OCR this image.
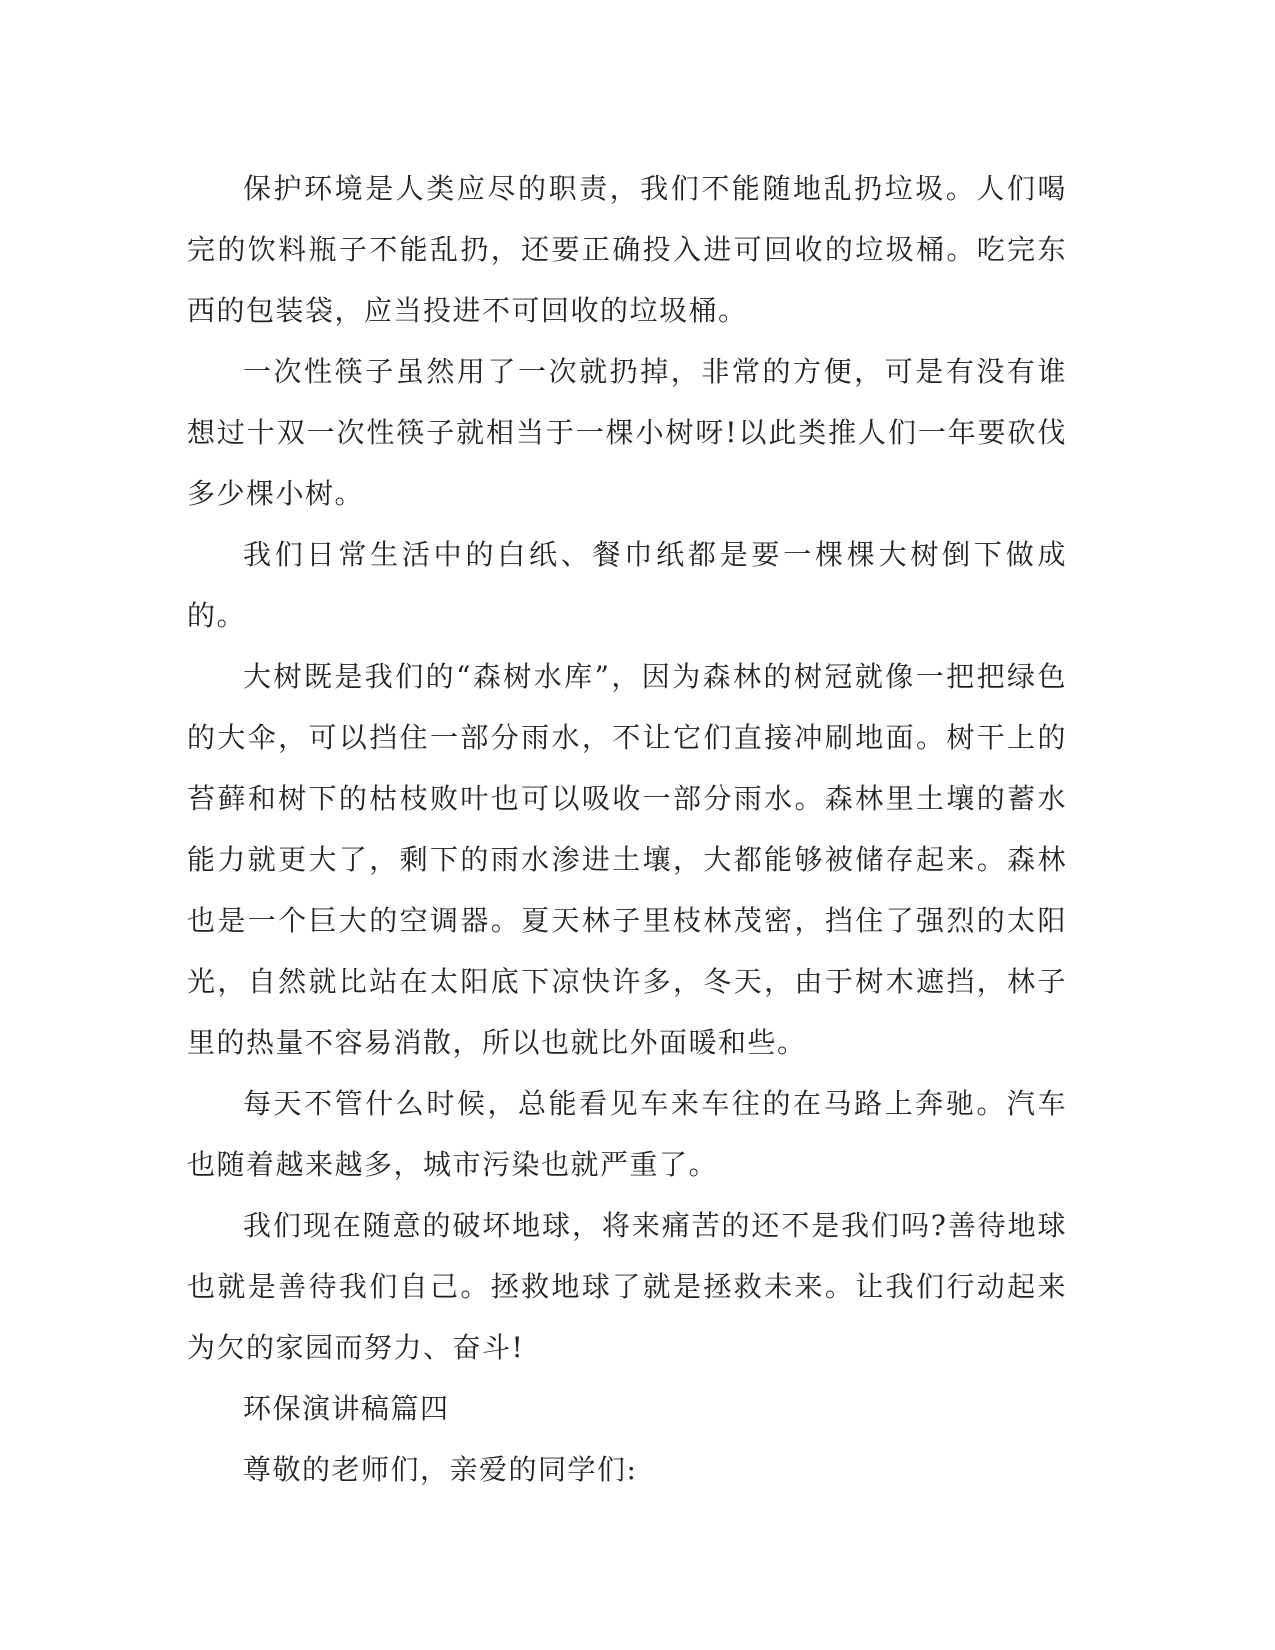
保护环境是人类应尽的职责，我们不能随地乱扔垃圾。人们喝完的饮料瓶子不能乱扔，还要正确投入进可回收的垃圾桶。吃完东西的包装袋，应当投进不可回收的垃圾桶。

一次性筷子虽然用了一次就扔掉，非常的方便，可是有没有谁想过十双一次性筷子就相当于一棵小树呀!以此类推人们一年要砍伐多少棵小树。

我们日常生活中的白纸、餐巾纸都是要一棵棵大树倒下做成的。

大树既是我们的“森树水库”，因为森林的树冠就像一把把绿色的大伞，可以挡住一部分雨水，不让它们直接冲刷地面。树干上的苔藓和树下的枯枝败叶也可以吸收一部分雨水。森林里土壤的蓄水能力就更大了，剩下的雨水渗进土壤，大都能够被储存起来。森林也是一个巨大的空调器。夏天林子里枝林茂密，挡住了强烈的太阳光，自然就比站在太阳底下凉快许多，冬天，由于树木遮挡，林子里的热量不容易消散，所以也就比外面暖和些。

每天不管什么时候，总能看见车来车往的在马路上奔驰。汽车也随着越来越多，城市污染也就严重了。

我们现在随意的破坏地球，将来痛苦的还不是我们吗?善待地球也就是善待我们自己。拯救地球了就是拯救未来。让我们行动起来为欠的家园而努力、奋斗!

环保演讲稿篇四

尊敬的老师们，亲爱的同学们:
